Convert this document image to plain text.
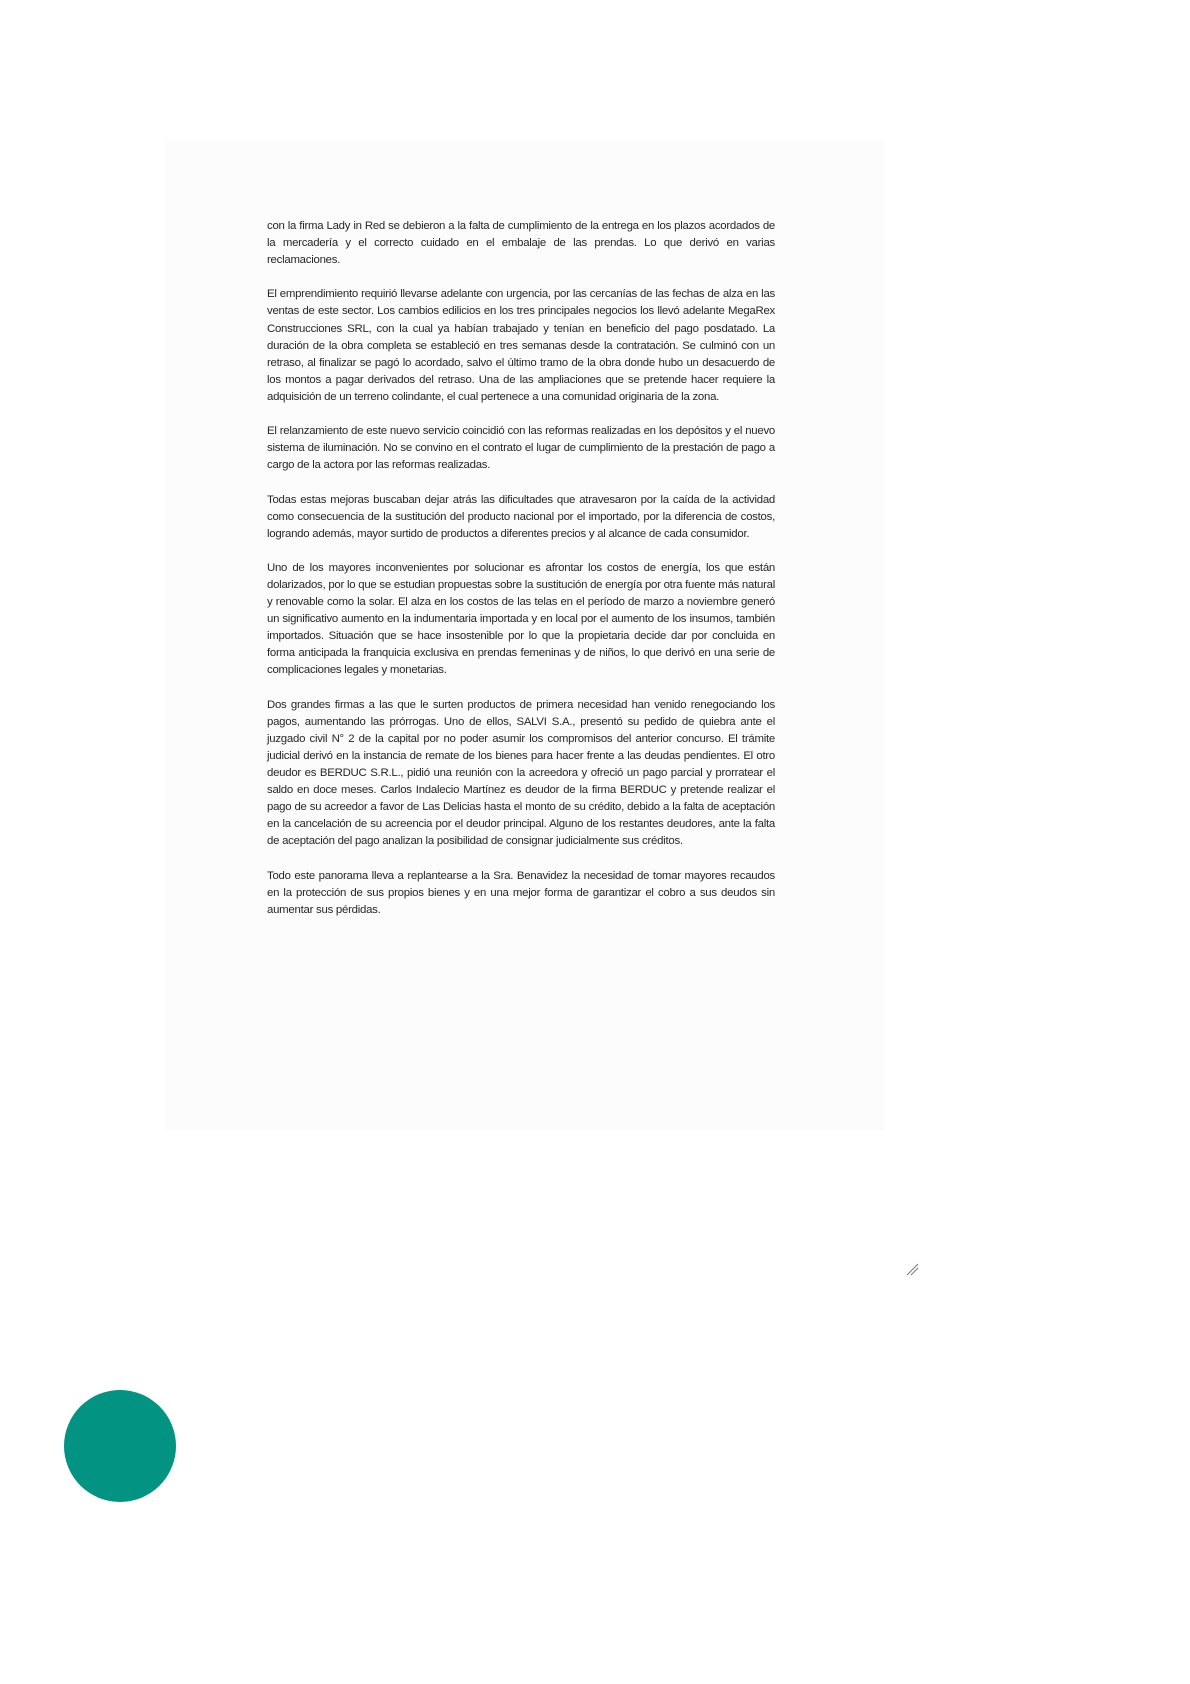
con la firma Lady in Red se debieron a la falta de cumplimiento de la entrega en los plazos acordados de la mercadería y el correcto cuidado en el embalaje de las prendas. Lo que derivó en varias reclamaciones.

El emprendimiento requirió llevarse adelante con urgencia, por las cercanías de las fechas de alza en las ventas de este sector. Los cambios edilicios en los tres principales negocios los llevó adelante MegaRex Construcciones SRL, con la cual ya habían trabajado y tenían en beneficio del pago posdatado. La duración de la obra completa se estableció en tres semanas desde la contratación. Se culminó con un retraso, al finalizar se pagó lo acordado, salvo el último tramo de la obra donde hubo un desacuerdo de los montos a pagar derivados del retraso. Una de las ampliaciones que se pretende hacer requiere la adquisición de un terreno colindante, el cual pertenece a una comunidad originaria de la zona.

El relanzamiento de este nuevo servicio coincidió con las reformas realizadas en los depósitos y el nuevo sistema de iluminación. No se convino en el contrato el lugar de cumplimiento de la prestación de pago a cargo de la actora por las reformas realizadas.

Todas estas mejoras buscaban dejar atrás las dificultades que atravesaron por la caída de la actividad como consecuencia de la sustitución del producto nacional por el importado, por la diferencia de costos, logrando además, mayor surtido de productos a diferentes precios y al alcance de cada consumidor.

Uno de los mayores inconvenientes por solucionar es afrontar los costos de energía, los que están dolarizados, por lo que se estudian propuestas sobre la sustitución de energía por otra fuente más natural y renovable como la solar. El alza en los costos de las telas en el período de marzo a noviembre generó un significativo aumento en la indumentaria importada y en local por el aumento de los insumos, también importados. Situación que se hace insostenible por lo que la propietaria decide dar por concluida en forma anticipada la franquicia exclusiva en prendas femeninas y de niños, lo que derivó en una serie de complicaciones legales y monetarias.

Dos grandes firmas a las que le surten productos de primera necesidad han venido renegociando los pagos, aumentando las prórrogas. Uno de ellos, SALVI S.A., presentó su pedido de quiebra ante el juzgado civil N° 2 de la capital por no poder asumir los compromisos del anterior concurso. El trámite judicial derivó en la instancia de remate de los bienes para hacer frente a las deudas pendientes. El otro deudor es BERDUC S.R.L., pidió una reunión con la acreedora y ofreció un pago parcial y prorratear el saldo en doce meses. Carlos Indalecio Martínez es deudor de la firma BERDUC y pretende realizar el pago de su acreedor a favor de Las Delicias hasta el monto de su crédito, debido a la falta de aceptación en la cancelación de su acreencia por el deudor principal. Alguno de los restantes deudores, ante la falta de aceptación del pago analizan la posibilidad de consignar judicialmente sus créditos.

Todo este panorama lleva a replantearse a la Sra. Benavidez la necesidad de tomar mayores recaudos en la protección de sus propios bienes y en una mejor forma de garantizar el cobro a sus deudos sin aumentar sus pérdidas.
